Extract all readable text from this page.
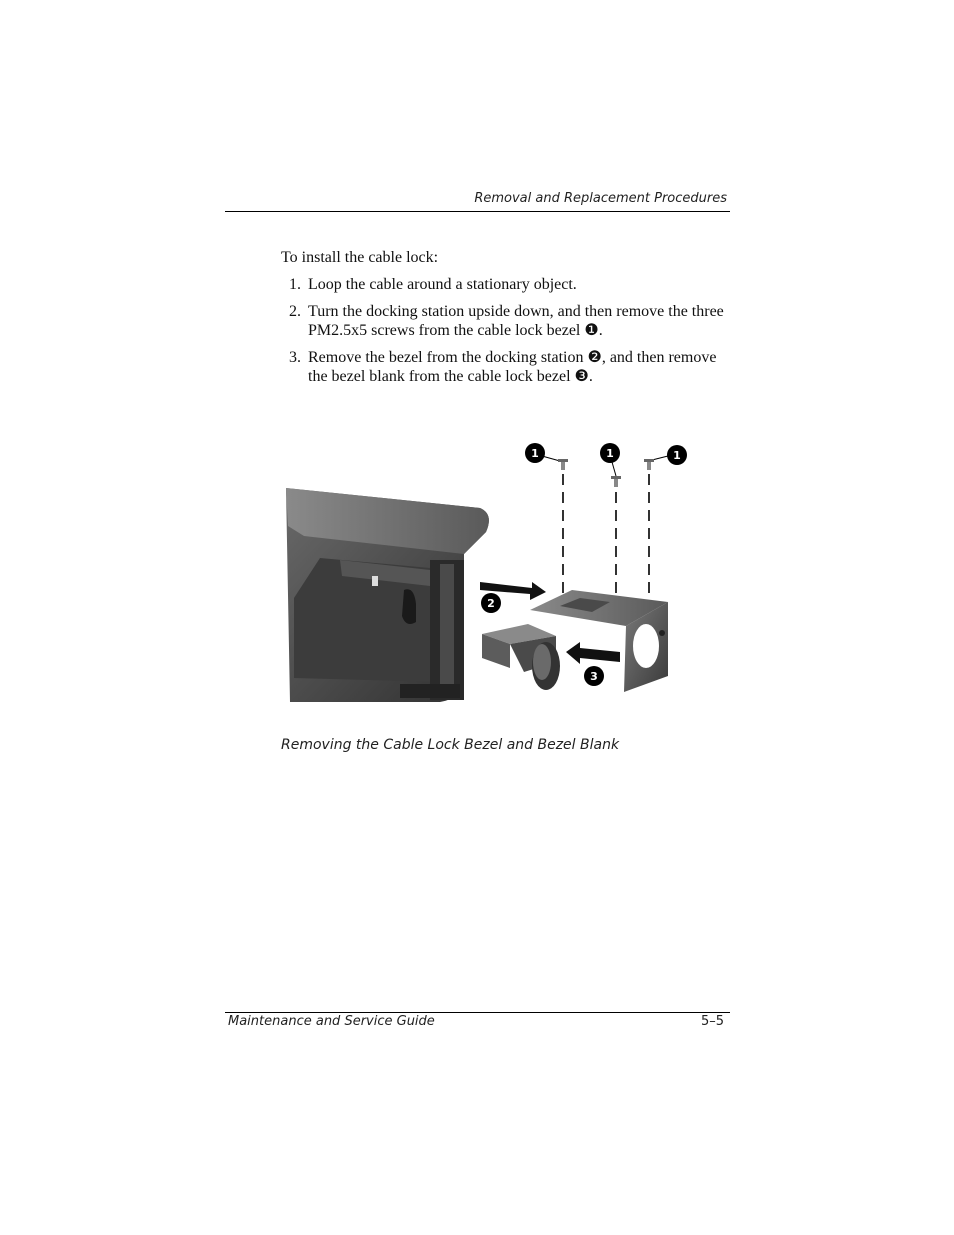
Removal and Replacement Procedures
To install the cable lock:
1. Loop the cable around a stationary object.
2. Turn the docking station upside down, and then remove the three PM2.5x5 screws from the cable lock bezel ❶.
3. Remove the bezel from the docking station ❷, and then remove the bezel blank from the cable lock bezel ❸.
1	1	1
2
3
Removing the Cable Lock Bezel and Bezel Blank
Maintenance and Service Guide	5–5
